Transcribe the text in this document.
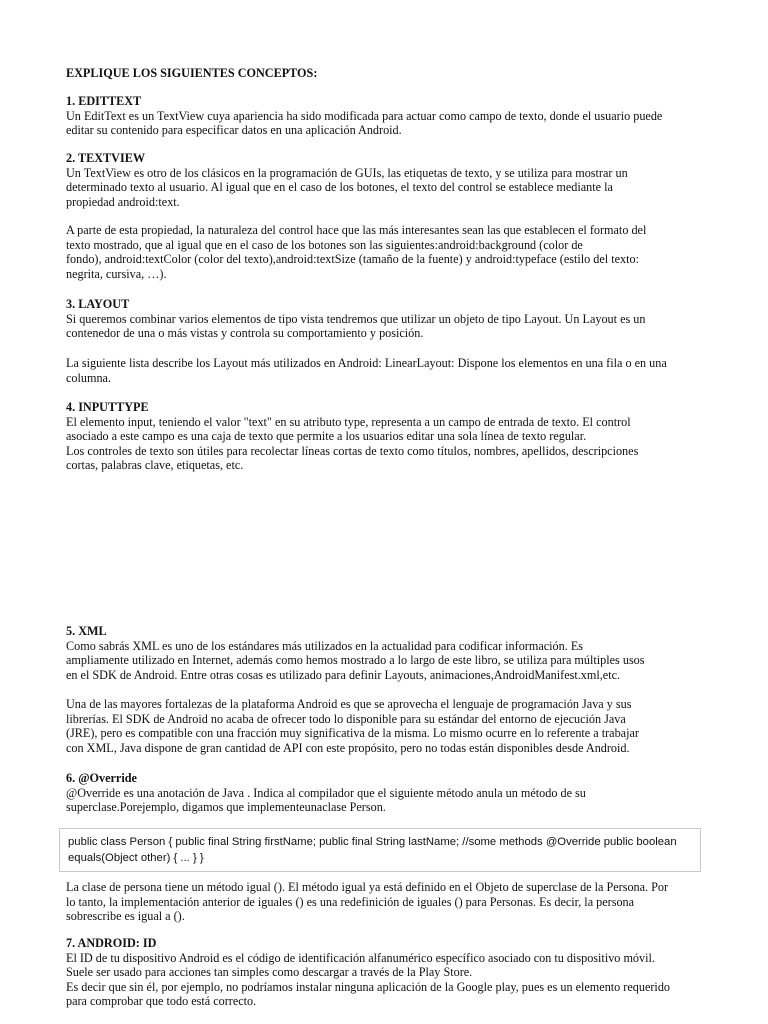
EXPLIQUE LOS SIGUIENTES CONCEPTOS:

1. EDITTEXT

Un EditText es un TextView cuya apariencia ha sido modificada para actuar como campo de texto, donde el usuario puede
editar su contenido para especificar datos en una aplicación Android.

2. TEXTVIEW

Un TextView es otro de los clásicos en la programación de GUIs, las etiquetas de texto, y se utiliza para mostrar un
determinado texto al usuario. Al igual que en el caso de los botones, el texto del control se establece mediante la
propiedad android:text.

A parte de esta propiedad, la naturaleza del control hace que las más interesantes sean las que establecen el formato del
texto mostrado, que al igual que en el caso de los botones son las siguientes:android:background (color de
fondo), android:textColor (color del texto),android:textSize (tamaño de la fuente) y android:typeface (estilo del texto:
negrita, cursiva, …).

3. LAYOUT

Si queremos combinar varios elementos de tipo vista tendremos que utilizar un objeto de tipo Layout. Un Layout es un
contenedor de una o más vistas y controla su comportamiento y posición.

La siguiente lista describe los Layout más utilizados en Android: LinearLayout: Dispone los elementos en una fila o en una
columna.

4. INPUTTYPE

El elemento input, teniendo el valor "text" en su atributo type, representa a un campo de entrada de texto. El control
asociado a este campo es una caja de texto que permite a los usuarios editar una sola línea de texto regular.
Los controles de texto son útiles para recolectar líneas cortas de texto como títulos, nombres, apellidos, descripciones
cortas, palabras clave, etiquetas, etc.

5. XML

Como sabrás XML es uno de los estándares más utilizados en la actualidad para codificar información. Es
ampliamente utilizado en Internet, además como hemos mostrado a lo largo de este libro, se utiliza para múltiples usos
en el SDK de Android. Entre otras cosas es utilizado para definir Layouts, animaciones,AndroidManifest.xml,etc.

Una de las mayores fortalezas de la plataforma Android es que se aprovecha el lenguaje de programación Java y sus
librerías. El SDK de Android no acaba de ofrecer todo lo disponible para su estándar del entorno de ejecución Java
(JRE), pero es compatible con una fracción muy significativa de la misma. Lo mismo ocurre en lo referente a trabajar
con XML, Java dispone de gran cantidad de API con este propósito, pero no todas están disponibles desde Android.

6. @Override

@Override es una anotación de Java . Indica al compilador que el siguiente método anula un método de su
superclase.Porejemplo, digamos que implementeunaclase Person.

public class Person { public final String firstName; public final String lastName; //some methods @Override public boolean
equals(Object other) { ... } }

La clase de persona tiene un método igual (). El método igual ya está definido en el Objeto de superclase de la Persona. Por
lo tanto, la implementación anterior de iguales () es una redefinición de iguales () para Personas. Es decir, la persona
sobrescribe es igual a ().

7. ANDROID: ID

El ID de tu dispositivo Android es el código de identificación alfanumérico específico asociado con tu dispositivo móvil.
Suele ser usado para acciones tan simples como descargar a través de la Play Store.
Es decir que sin él, por ejemplo, no podríamos instalar ninguna aplicación de la Google play, pues es un elemento requerido
para comprobar que todo está correcto.
